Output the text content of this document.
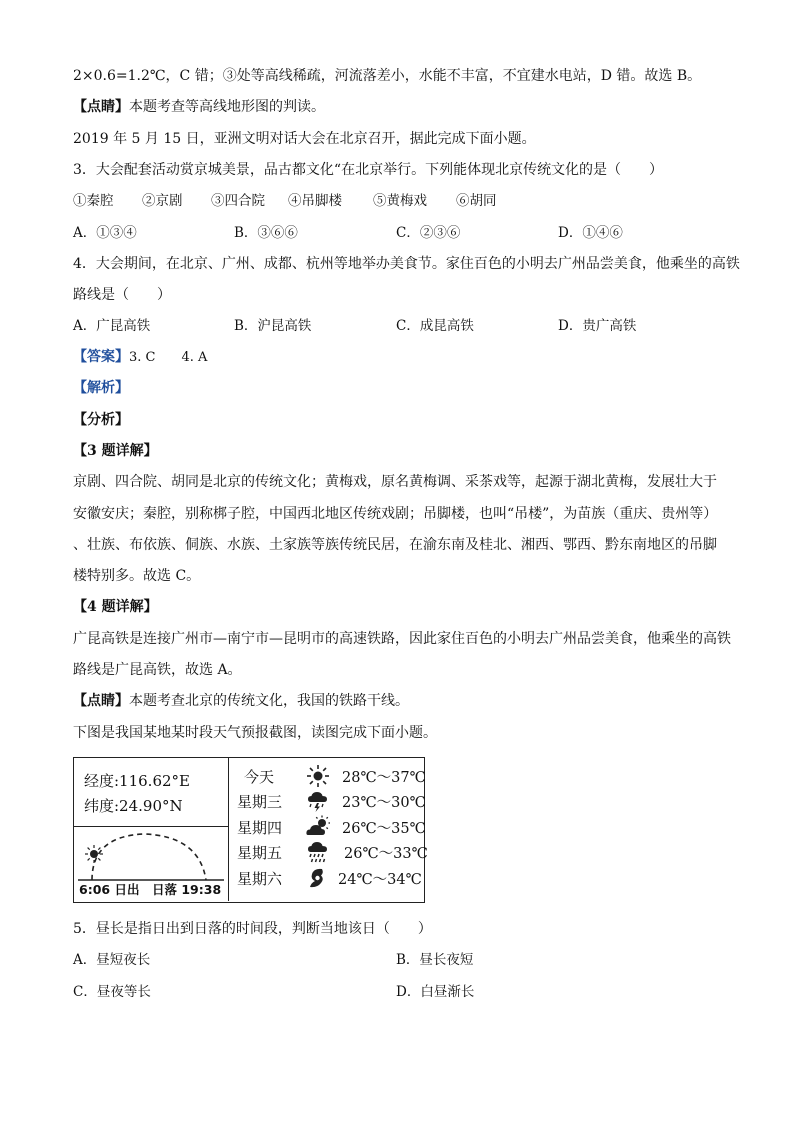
2×0.6=1.2℃，C 错；③处等高线稀疏，河流落差小，水能不丰富，不宜建水电站，D 错。故选 B。
【点睛】本题考查等高线地形图的判读。
2019 年 5 月 15 日，亚洲文明对话大会在北京召开，据此完成下面小题。
3．大会配套活动赏京城美景，品古都文化“在北京举行。下列能体现北京传统文化的是（　　）
①秦腔 ②京剧 ③四合院 ④吊脚楼 ⑤黄梅戏 ⑥胡同
A．①③④	B．③⑥⑥	C．②③⑥	D．①④⑥
4．大会期间，在北京、广州、成都、杭州等地举办美食节。家住百色的小明去广州品尝美食，他乘坐的高铁
路线是（　　）
A．广昆高铁	B．沪昆高铁	C．成昆高铁	D．贵广高铁
【答案】3. C　　4. A
【解析】
【分析】
【3 题详解】
京剧、四合院、胡同是北京的传统文化；黄梅戏，原名黄梅调、采茶戏等，起源于湖北黄梅，发展壮大于
安徽安庆；秦腔，别称梆子腔，中国西北地区传统戏剧；吊脚楼，也叫“吊楼”，为苗族（重庆、贵州等）
、壮族、布依族、侗族、水族、土家族等族传统民居，在渝东南及桂北、湘西、鄂西、黔东南地区的吊脚
楼特别多。故选 C。
【4 题详解】
广昆高铁是连接广州市—南宁市—昆明市的高速铁路，因此家住百色的小明去广州品尝美食，他乘坐的高铁
路线是广昆高铁，故选 A。
【点睛】本题考查北京的传统文化，我国的铁路干线。
下图是我国某地某时段天气预报截图，读图完成下面小题。
经度:116.62°E
纬度:24.90°N
6:06 日出 日落 19:38
今天	28℃～37℃
星期三	23℃～30℃
星期四	26℃～35℃
星期五	26℃～33℃
星期六	24℃～34℃
5．昼长是指日出到日落的时间段，判断当地该日（　　）
A．昼短夜长	B．昼长夜短
C．昼夜等长	D．白昼渐长
